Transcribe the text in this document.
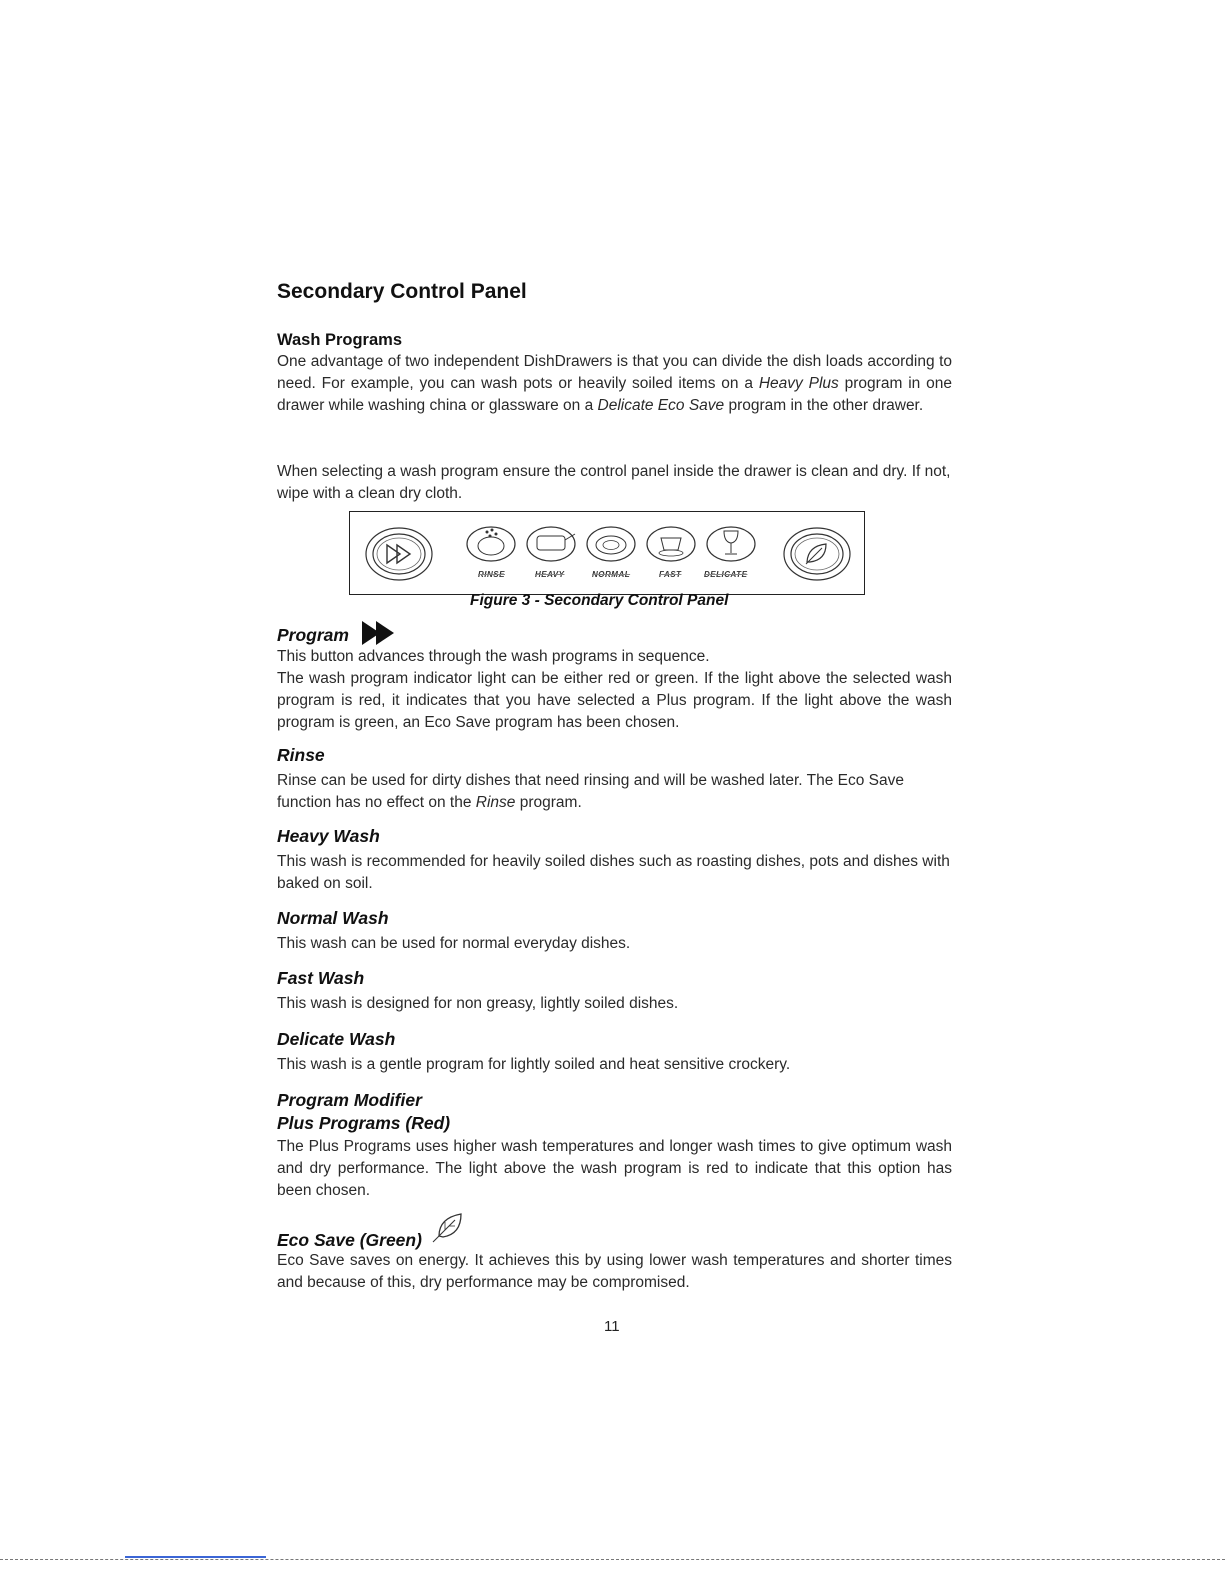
Secondary Control Panel
Wash Programs

One advantage of two independent DishDrawers is that you can divide the dish loads according to need. For example, you can wash pots or heavily soiled items on a Heavy Plus program in one drawer while washing china or glassware on a Delicate Eco Save program in the other drawer.

When selecting a wash program ensure the control panel inside the drawer is clean and dry. If not, wipe with a clean dry cloth.

RINSE	HEAVY	NORMAL	FAST	DELICATE

Figure 3 - Secondary Control Panel

Program

This button advances through the wash programs in sequence.

The wash program indicator light can be either red or green. If the light above the selected wash program is red, it indicates that you have selected a Plus program. If the light above the wash program is green, an Eco Save program has been chosen.

Rinse

Rinse can be used for dirty dishes that need rinsing and will be washed later. The Eco Save function has no effect on the Rinse program.

Heavy Wash

This wash is recommended for heavily soiled dishes such as roasting dishes, pots and dishes with baked on soil.

Normal Wash

This wash can be used for normal everyday dishes.

Fast Wash

This wash is designed for non greasy, lightly soiled dishes.

Delicate Wash

This wash is a gentle program for lightly soiled and heat sensitive crockery.

Program Modifier
Plus Programs (Red)

The Plus Programs uses higher wash temperatures and longer wash times to give optimum wash and dry performance. The light above the wash program is red to indicate that this option has been chosen.

Eco Save (Green)

Eco Save saves on energy. It achieves this by using lower wash temperatures and shorter times and because of this, dry performance may be compromised.

11
